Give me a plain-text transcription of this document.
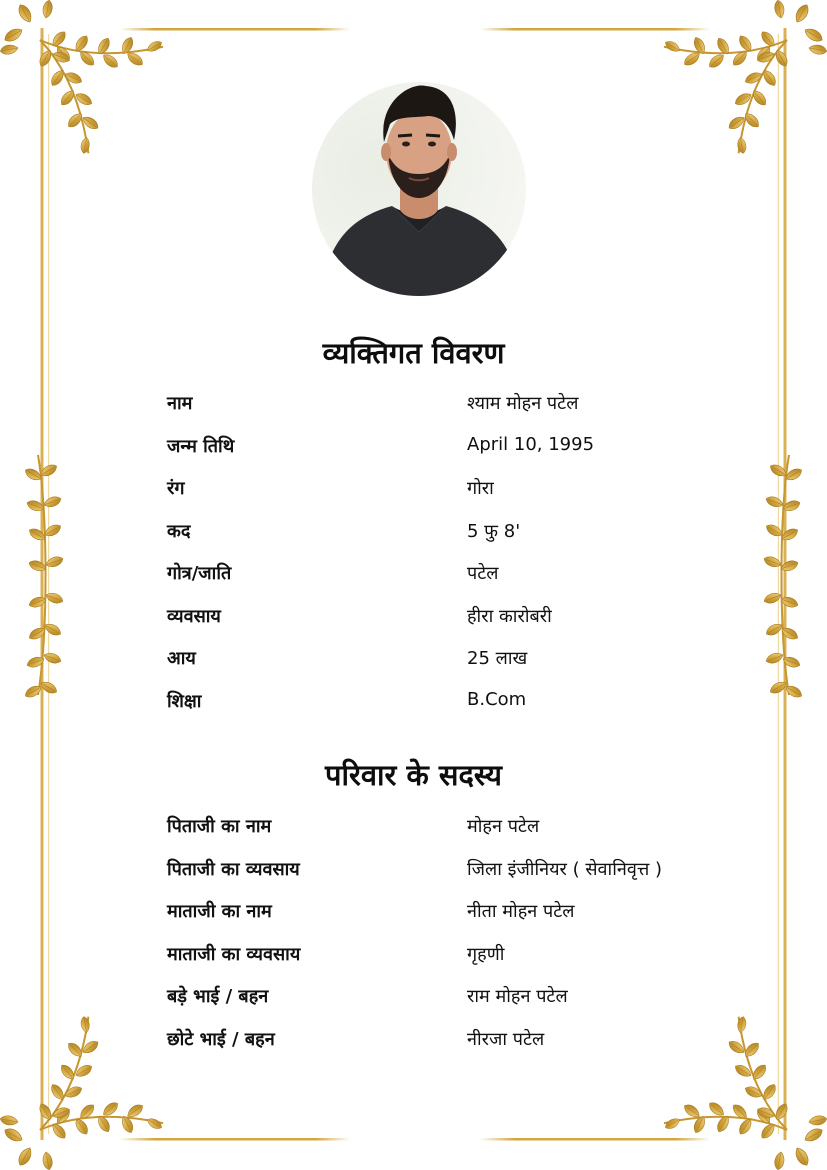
व्यक्तिगत विवरण
नाम	श्याम मोहन पटेल
जन्म तिथि	April 10, 1995
रंग	गोरा
कद	5 फु 8'
गोत्र/जाति	पटेल
व्यवसाय	हीरा कारोबरी
आय	25 लाख
शिक्षा	B.Com
परिवार के सदस्य
पिताजी का नाम	मोहन पटेल
पिताजी का व्यवसाय	जिला इंजीनियर ( सेवानिवृत्त )
माताजी का नाम	नीता मोहन पटेल
माताजी का व्यवसाय	गृहणी
बड़े भाई / बहन	राम मोहन पटेल
छोटे भाई / बहन	नीरजा पटेल
